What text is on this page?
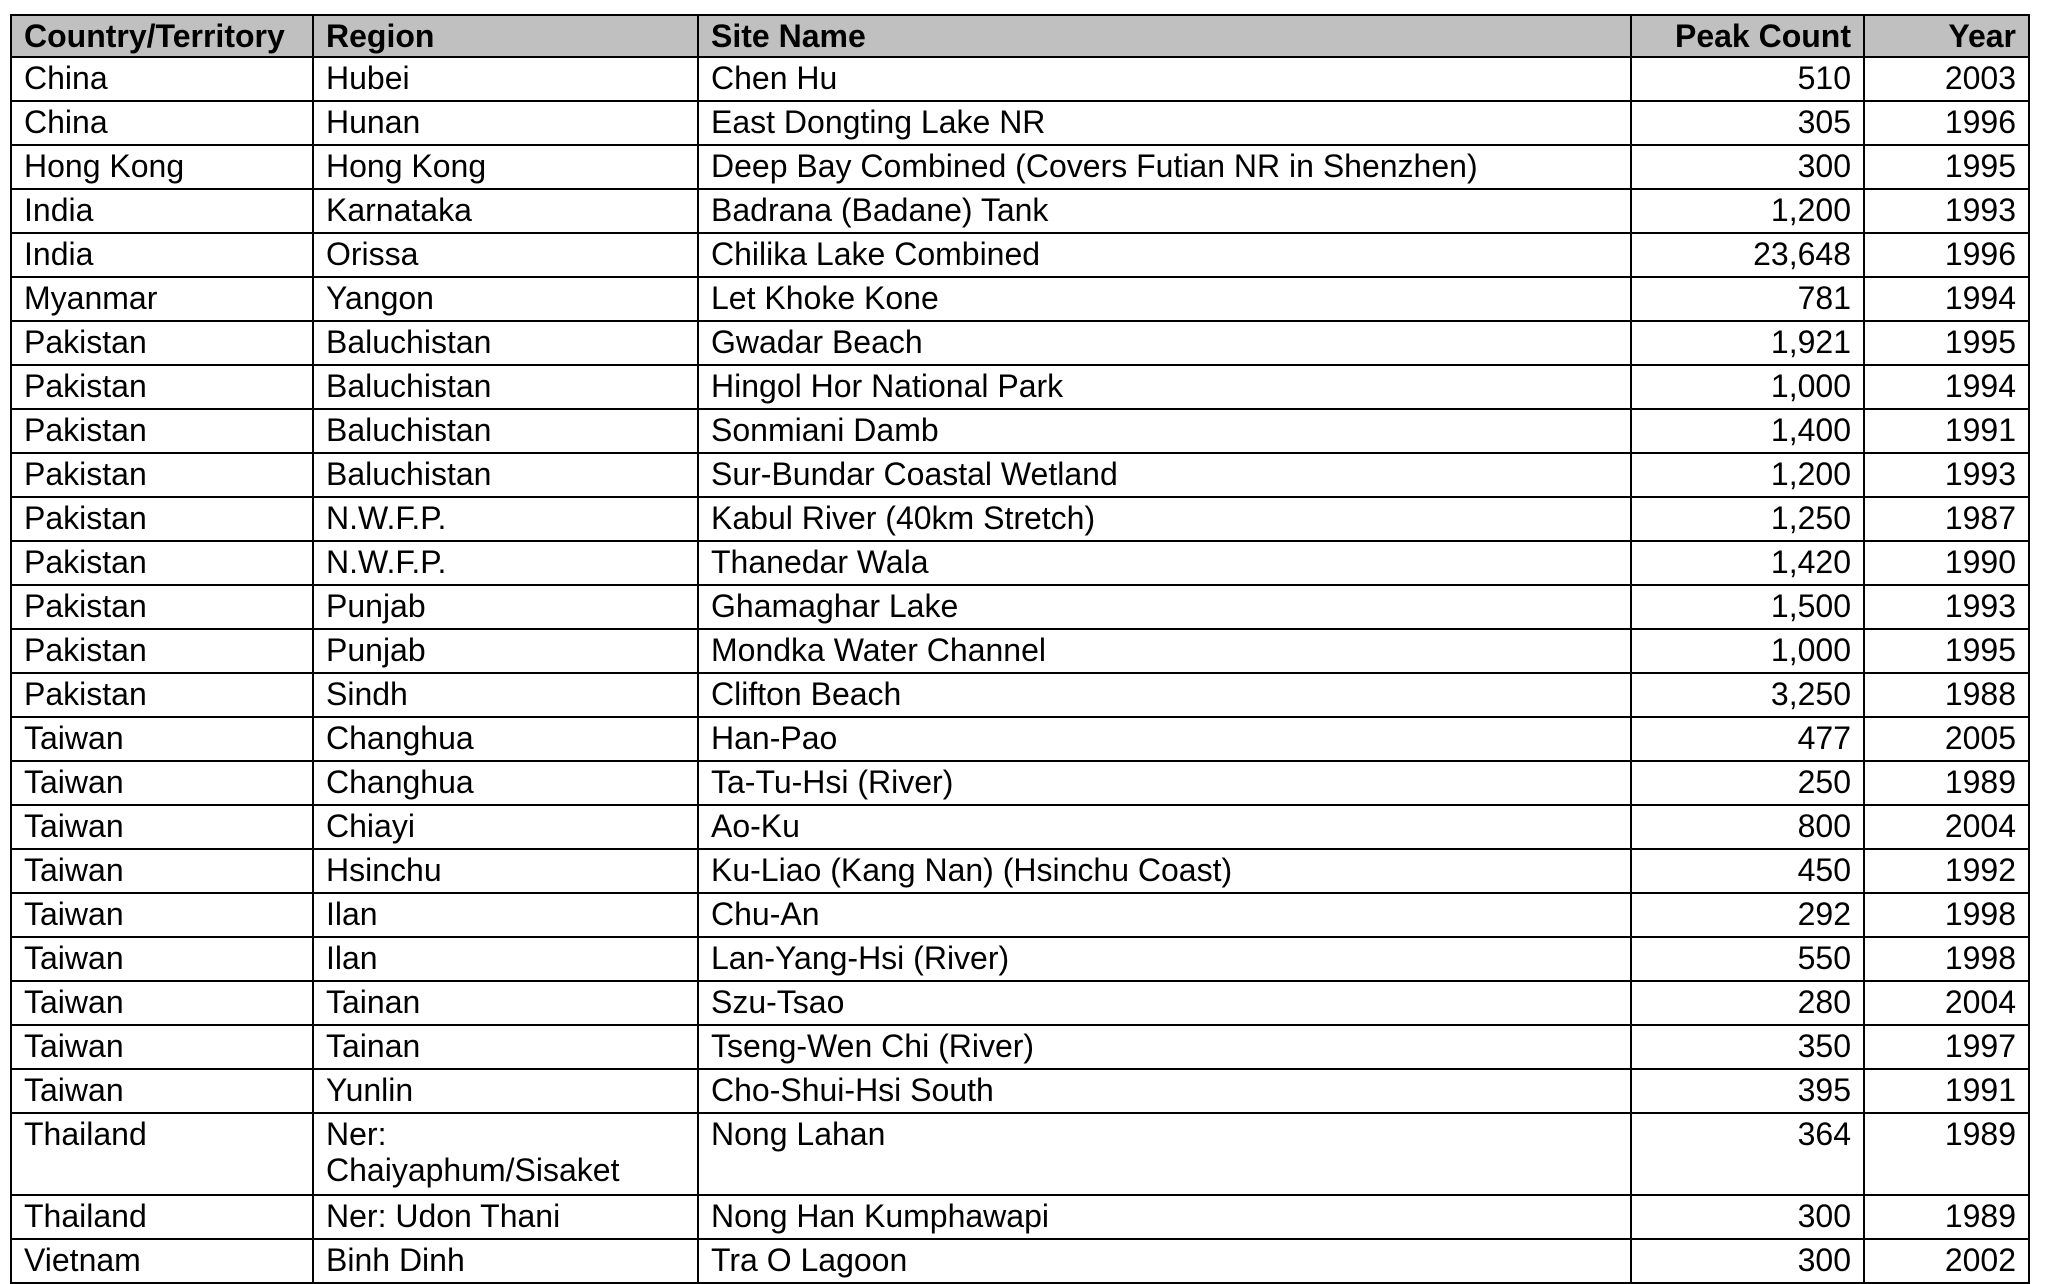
Country/Territory	Region	Site Name	Peak Count	Year
China	Hubei	Chen Hu	510	2003
China	Hunan	East Dongting Lake NR	305	1996
Hong Kong	Hong Kong	Deep Bay Combined (Covers Futian NR in Shenzhen)	300	1995
India	Karnataka	Badrana (Badane) Tank	1,200	1993
India	Orissa	Chilika Lake Combined	23,648	1996
Myanmar	Yangon	Let Khoke Kone	781	1994
Pakistan	Baluchistan	Gwadar Beach	1,921	1995
Pakistan	Baluchistan	Hingol Hor National Park	1,000	1994
Pakistan	Baluchistan	Sonmiani Damb	1,400	1991
Pakistan	Baluchistan	Sur-Bundar Coastal Wetland	1,200	1993
Pakistan	N.W.F.P.	Kabul River (40km Stretch)	1,250	1987
Pakistan	N.W.F.P.	Thanedar Wala	1,420	1990
Pakistan	Punjab	Ghamaghar Lake	1,500	1993
Pakistan	Punjab	Mondka Water Channel	1,000	1995
Pakistan	Sindh	Clifton Beach	3,250	1988
Taiwan	Changhua	Han-Pao	477	2005
Taiwan	Changhua	Ta-Tu-Hsi (River)	250	1989
Taiwan	Chiayi	Ao-Ku	800	2004
Taiwan	Hsinchu	Ku-Liao (Kang Nan) (Hsinchu Coast)	450	1992
Taiwan	Ilan	Chu-An	292	1998
Taiwan	Ilan	Lan-Yang-Hsi (River)	550	1998
Taiwan	Tainan	Szu-Tsao	280	2004
Taiwan	Tainan	Tseng-Wen Chi (River)	350	1997
Taiwan	Yunlin	Cho-Shui-Hsi South	395	1991
Thailand	Ner: Chaiyaphum/Sisaket	Nong Lahan	364	1989
Thailand	Ner: Udon Thani	Nong Han Kumphawapi	300	1989
Vietnam	Binh Dinh	Tra O Lagoon	300	2002
